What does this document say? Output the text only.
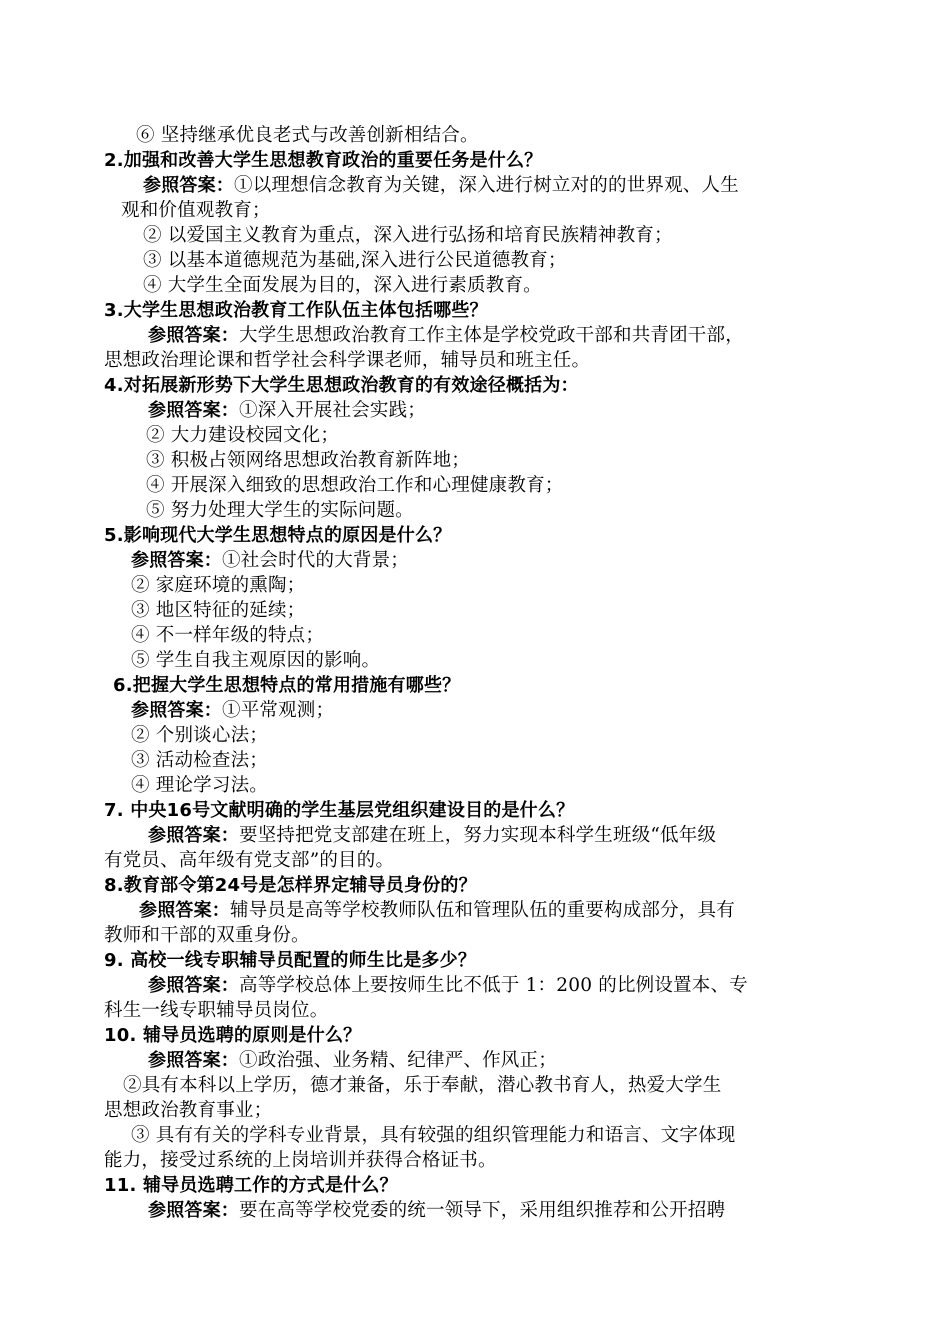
⑥ 坚持继承优良老式与改善创新相结合。
2.加强和改善大学生思想教育政治的重要任务是什么？
参照答案：①以理想信念教育为关键，深入进行树立对的的世界观、人生
观和价值观教育；
② 以爱国主义教育为重点，深入进行弘扬和培育民族精神教育；
③ 以基本道德规范为基础,深入进行公民道德教育；
④ 大学生全面发展为目的，深入进行素质教育。
3.大学生思想政治教育工作队伍主体包括哪些？
参照答案：大学生思想政治教育工作主体是学校党政干部和共青团干部，
思想政治理论课和哲学社会科学课老师，辅导员和班主任。
4.对拓展新形势下大学生思想政治教育的有效途径概括为：
参照答案：①深入开展社会实践；
② 大力建设校园文化；
③ 积极占领网络思想政治教育新阵地；
④ 开展深入细致的思想政治工作和心理健康教育；
⑤ 努力处理大学生的实际问题。
5.影响现代大学生思想特点的原因是什么？
参照答案：①社会时代的大背景；
② 家庭环境的熏陶；
③ 地区特征的延续；
④ 不一样年级的特点；
⑤ 学生自我主观原因的影响。
6.把握大学生思想特点的常用措施有哪些？
参照答案：①平常观测；
② 个别谈心法；
③ 活动检查法；
④ 理论学习法。
7. 中央16号文献明确的学生基层党组织建设目的是什么？
参照答案：要坚持把党支部建在班上，努力实现本科学生班级“低年级
有党员、高年级有党支部”的目的。
8.教育部令第24号是怎样界定辅导员身份的？
参照答案：辅导员是高等学校教师队伍和管理队伍的重要构成部分，具有
教师和干部的双重身份。
9. 高校一线专职辅导员配置的师生比是多少？
参照答案：高等学校总体上要按师生比不低于 1：200 的比例设置本、专
科生一线专职辅导员岗位。
10. 辅导员选聘的原则是什么？
参照答案：①政治强、业务精、纪律严、作风正；
②具有本科以上学历，德才兼备，乐于奉献，潜心教书育人，热爱大学生
思想政治教育事业；
③ 具有有关的学科专业背景，具有较强的组织管理能力和语言、文字体现
能力，接受过系统的上岗培训并获得合格证书。
11. 辅导员选聘工作的方式是什么？
参照答案：要在高等学校党委的统一领导下，采用组织推荐和公开招聘
